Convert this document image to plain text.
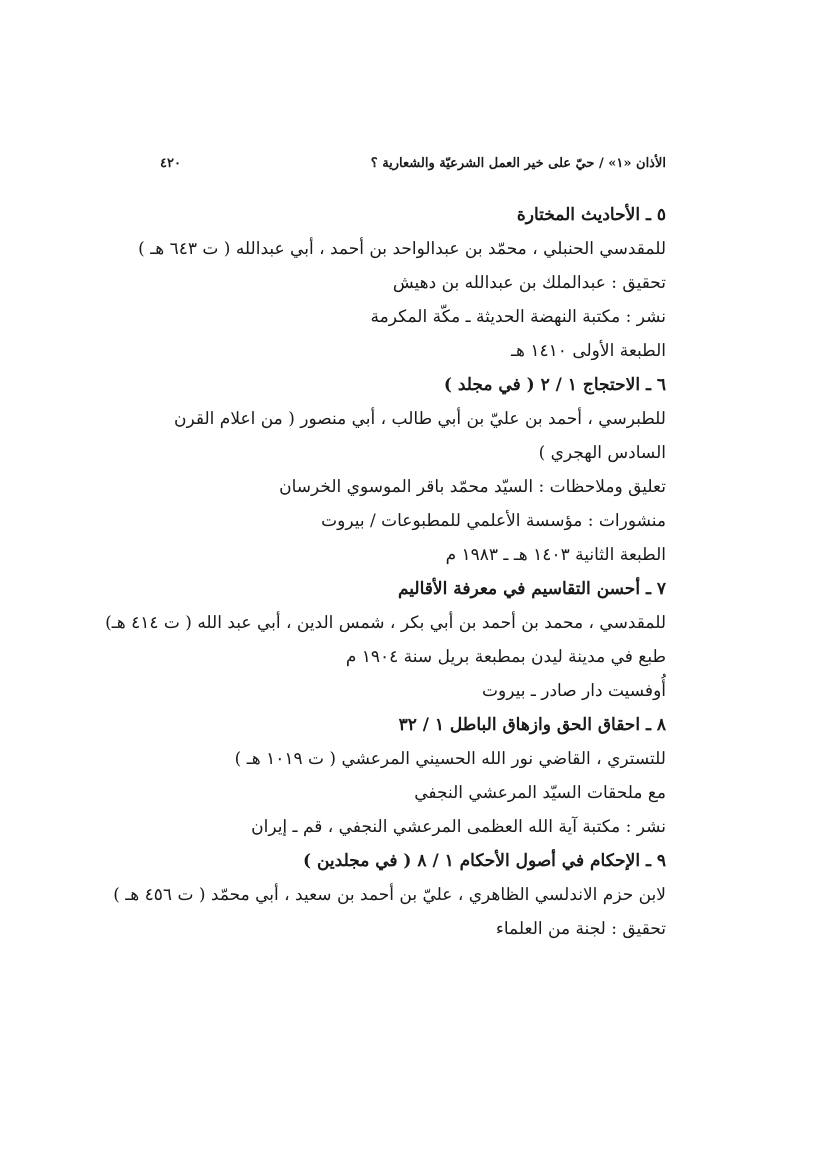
الأذان «١» / حيّ على خير العمل الشرعيّة والشعارية ؟
٤٢٠
٥ ـ الأحاديث المختارة
للمقدسي الحنبلي ، محمّد بن عبدالواحد بن أحمد ، أبي عبدالله ( ت ٦٤٣ هـ )
تحقيق : عبدالملك بن عبدالله بن دهيش
نشر : مكتبة النهضة الحديثة ـ مكّة المكرمة
الطبعة الأولى ١٤١٠ هـ
٦ ـ الاحتجاج ١ / ٢ ( في مجلد )
للطبرسي ، أحمد بن عليّ بن أبي طالب ، أبي منصور ( من اعلام القرن السادس الهجري )
تعليق وملاحظات : السيّد محمّد باقر الموسوي الخرسان
منشورات : مؤسسة الأعلمي للمطبوعات / بيروت
الطبعة الثانية ١٤٠٣ هـ ـ ١٩٨٣ م
٧ ـ أحسن التقاسيم في معرفة الأقاليم
للمقدسي ، محمد بن أحمد بن أبي بكر ، شمس الدين ، أبي عبد الله ( ت ٤١٤ هـ)
طبع في مدينة ليدن بمطبعة بريل سنة ١٩٠٤ م
أُوفسيت دار صادر ـ بيروت
٨ ـ احقاق الحق وازهاق الباطل ١ / ٣٢
للتستري ، القاضي نور الله الحسيني المرعشي ( ت ١٠١٩ هـ )
مع ملحقات السيّد المرعشي النجفي
نشر : مكتبة آية الله العظمى المرعشي النجفي ، قم ـ إيران
٩ ـ الإحكام في أصول الأحكام ١ / ٨ ( في مجلدين )
لابن حزم الاندلسي الظاهري ، عليّ بن أحمد بن سعيد ، أبي محمّد ( ت ٤٥٦ هـ )
تحقيق : لجنة من العلماء
